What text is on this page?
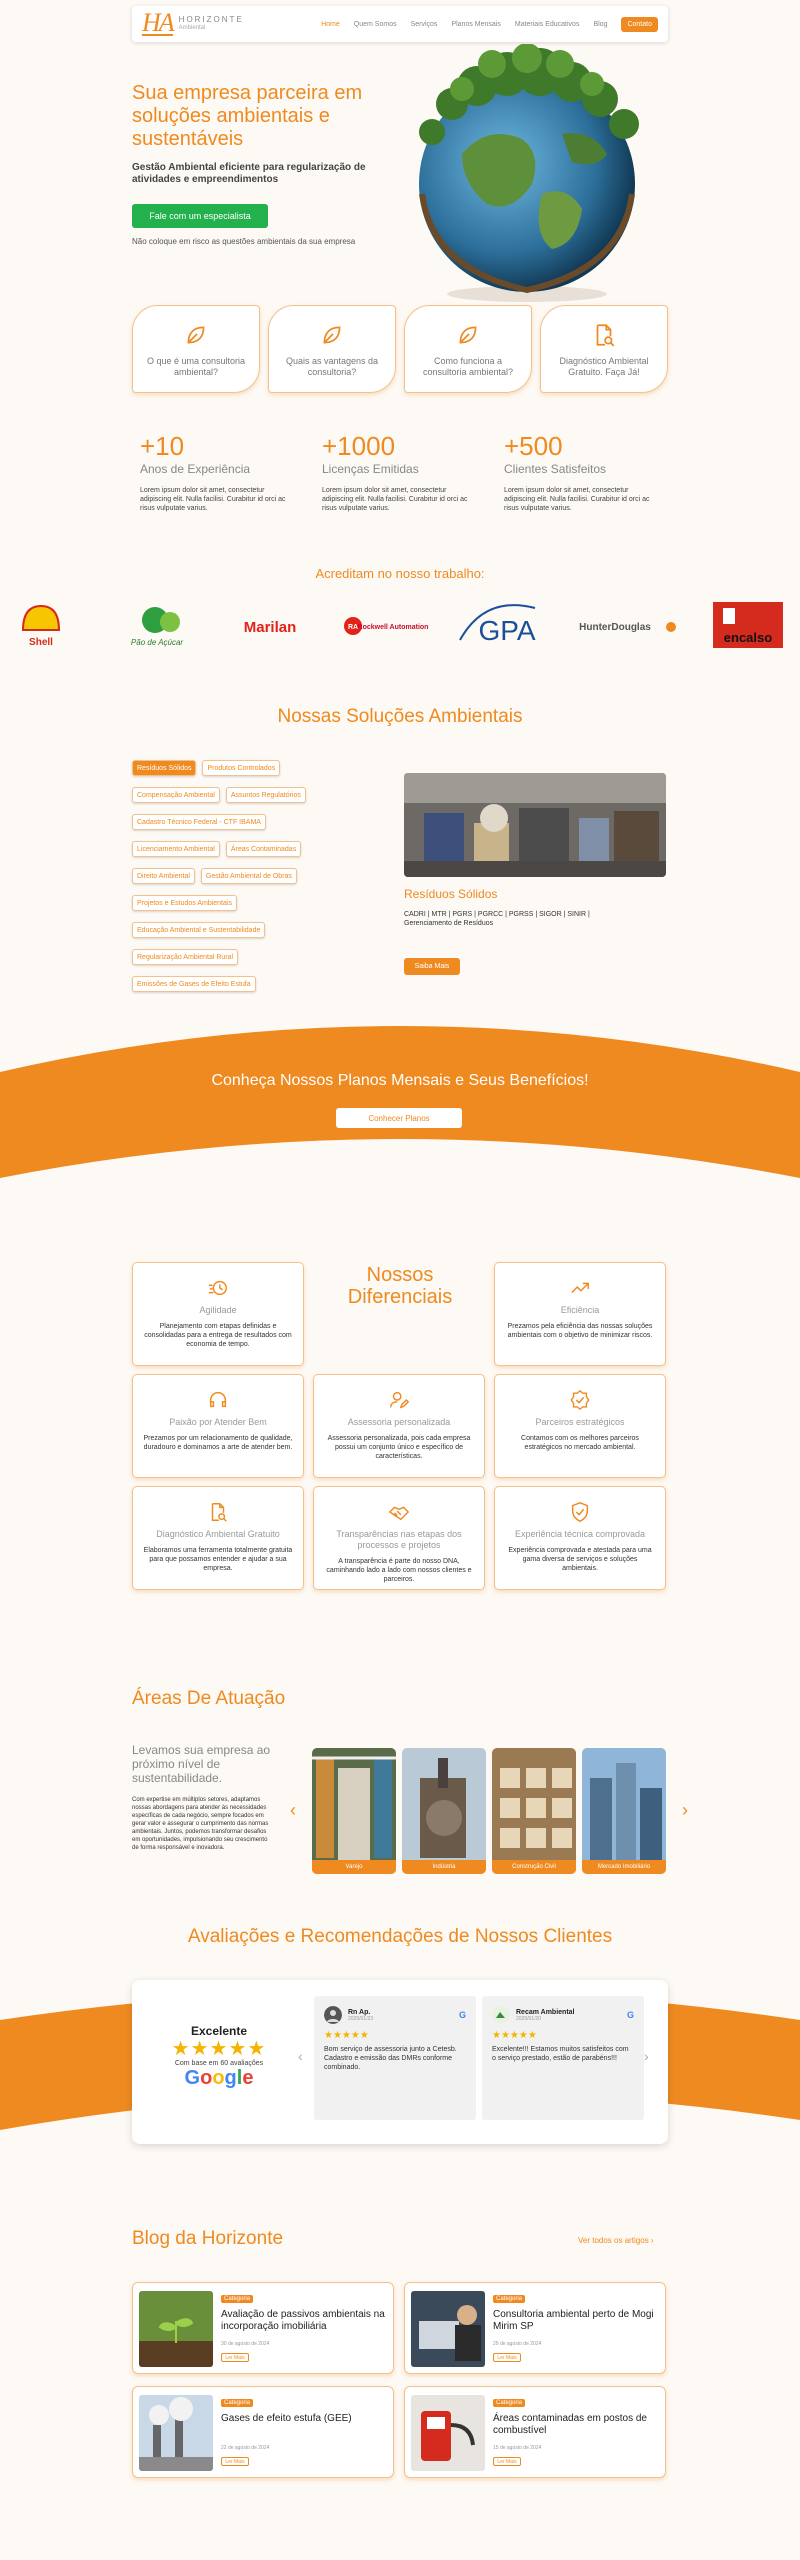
HA HORIZONTE
Ambiental
Home Quem Somos Serviços Planos Mensais Materiais Educativos Blog	Contato
Sua empresa parceira em soluções ambientais e sustentáveis
Gestão Ambiental eficiente para regularização de atividades e empreendimentos
Fale com um especialista
Não coloque em risco as questões ambientais da sua empresa
O que é uma consultoria ambiental?
Quais as vantagens da consultoria?
Como funciona a consultoria ambiental?
Diagnóstico Ambiental Gratuito. Faça Já!
+10
Anos de Experiência
Lorem ipsum dolor sit amet, consectetur adipiscing elit. Nulla facilisi. Curabitur id orci ac risus vulputate varius.
+1000
Licenças Emitidas
Lorem ipsum dolor sit amet, consectetur adipiscing elit. Nulla facilisi. Curabitur id orci ac risus vulputate varius.
+500
Clientes Satisfeitos
Lorem ipsum dolor sit amet, consectetur adipiscing elit. Nulla facilisi. Curabitur id orci ac risus vulputate varius.
Acreditam no nosso trabalho:
Shell	Pão de Açúcar
Marilan	RA Rockwell Automation GPA	HunterDouglas
encalso
Nossas Soluções Ambientais
Resíduos Sólidos	Produtos Controlados
Compensação Ambiental	Assuntos Regulatórios
Cadastro Técnico Federal - CTF IBAMA
Licenciamento Ambiental	Áreas Contaminadas
Direito Ambiental	Gestão Ambiental de Obras
Projetos e Estudos Ambientais
Educação Ambiental e Sustentabilidade
Regularização Ambiental Rural
Emissões de Gases de Efeito Estufa
Resíduos Sólidos
CADRI | MTR | PGRS | PGRCC | PGRSS | SIGOR | SINIR | Gerenciamento de Resíduos
Saiba Mais
Conheça Nossos Planos Mensais e Seus Benefícios!
Conhecer Planos
Nossos Diferenciais
Agilidade
Planejamento com etapas definidas e consolidadas para a entrega de resultados com economia de tempo.
Eficiência
Prezamos pela eficiência das nossas soluções ambientais com o objetivo de minimizar riscos.
Paixão por Atender Bem
Prezamos por um relacionamento de qualidade, duradouro e dominamos a arte de atender bem.
Assessoria personalizada
Assessoria personalizada, pois cada empresa possui um conjunto único e específico de características.
Parceiros estratégicos
Contamos com os melhores parceiros estratégicos no mercado ambiental.
Diagnóstico Ambiental Gratuito
Elaboramos uma ferramenta totalmente gratuita para que possamos entender e ajudar a sua empresa.
Transparências nas etapas dos processos e projetos
A transparência é parte do nosso DNA, caminhando lado a lado com nossos clientes e parceiros.
Experiência técnica comprovada
Experiência comprovada e atestada para uma gama diversa de serviços e soluções ambientais.
Áreas De Atuação
Levamos sua empresa ao próximo nível de sustentabilidade.
Com expertise em múltiplos setores, adaptamos nossas abordagens para atender às necessidades específicas de cada negócio, sempre focados em gerar valor e assegurar o cumprimento das normas ambientais. Juntos, podemos transformar desafios em oportunidades, impulsionando seu crescimento de forma responsável e inovadora.
‹	›
Varejo	Indústria	Construção Civil	Mercado Imobiliário
Avaliações e Recomendações de Nossos Clientes
Excelente
★★★★★
Com base em 60 avaliações
Google
‹	›
Rn Ap.
2025/01/23	G
★★★★★
Bom serviço de assessoria junto a Cetesb. Cadastro e emissão das DMRs conforme combinado.
Recam Ambiental
2025/01/20	G
★★★★★
Excelente!!! Estamos muitos satisfeitos com o serviço prestado, estão de parabéns!!!
Blog da Horizonte	Ver todos os artigos ›
Categoria
Avaliação de passivos ambientais na incorporação imobiliária
30 de agosto de 2024
Ler Mais
Categoria
Consultoria ambiental perto de Mogi Mirim SP
29 de agosto de 2024
Ler Mais
Categoria
Gases de efeito estufa (GEE)
22 de agosto de 2024
Ler Mais
Categoria
Áreas contaminadas em postos de combustível
15 de agosto de 2024
Ler Mais
